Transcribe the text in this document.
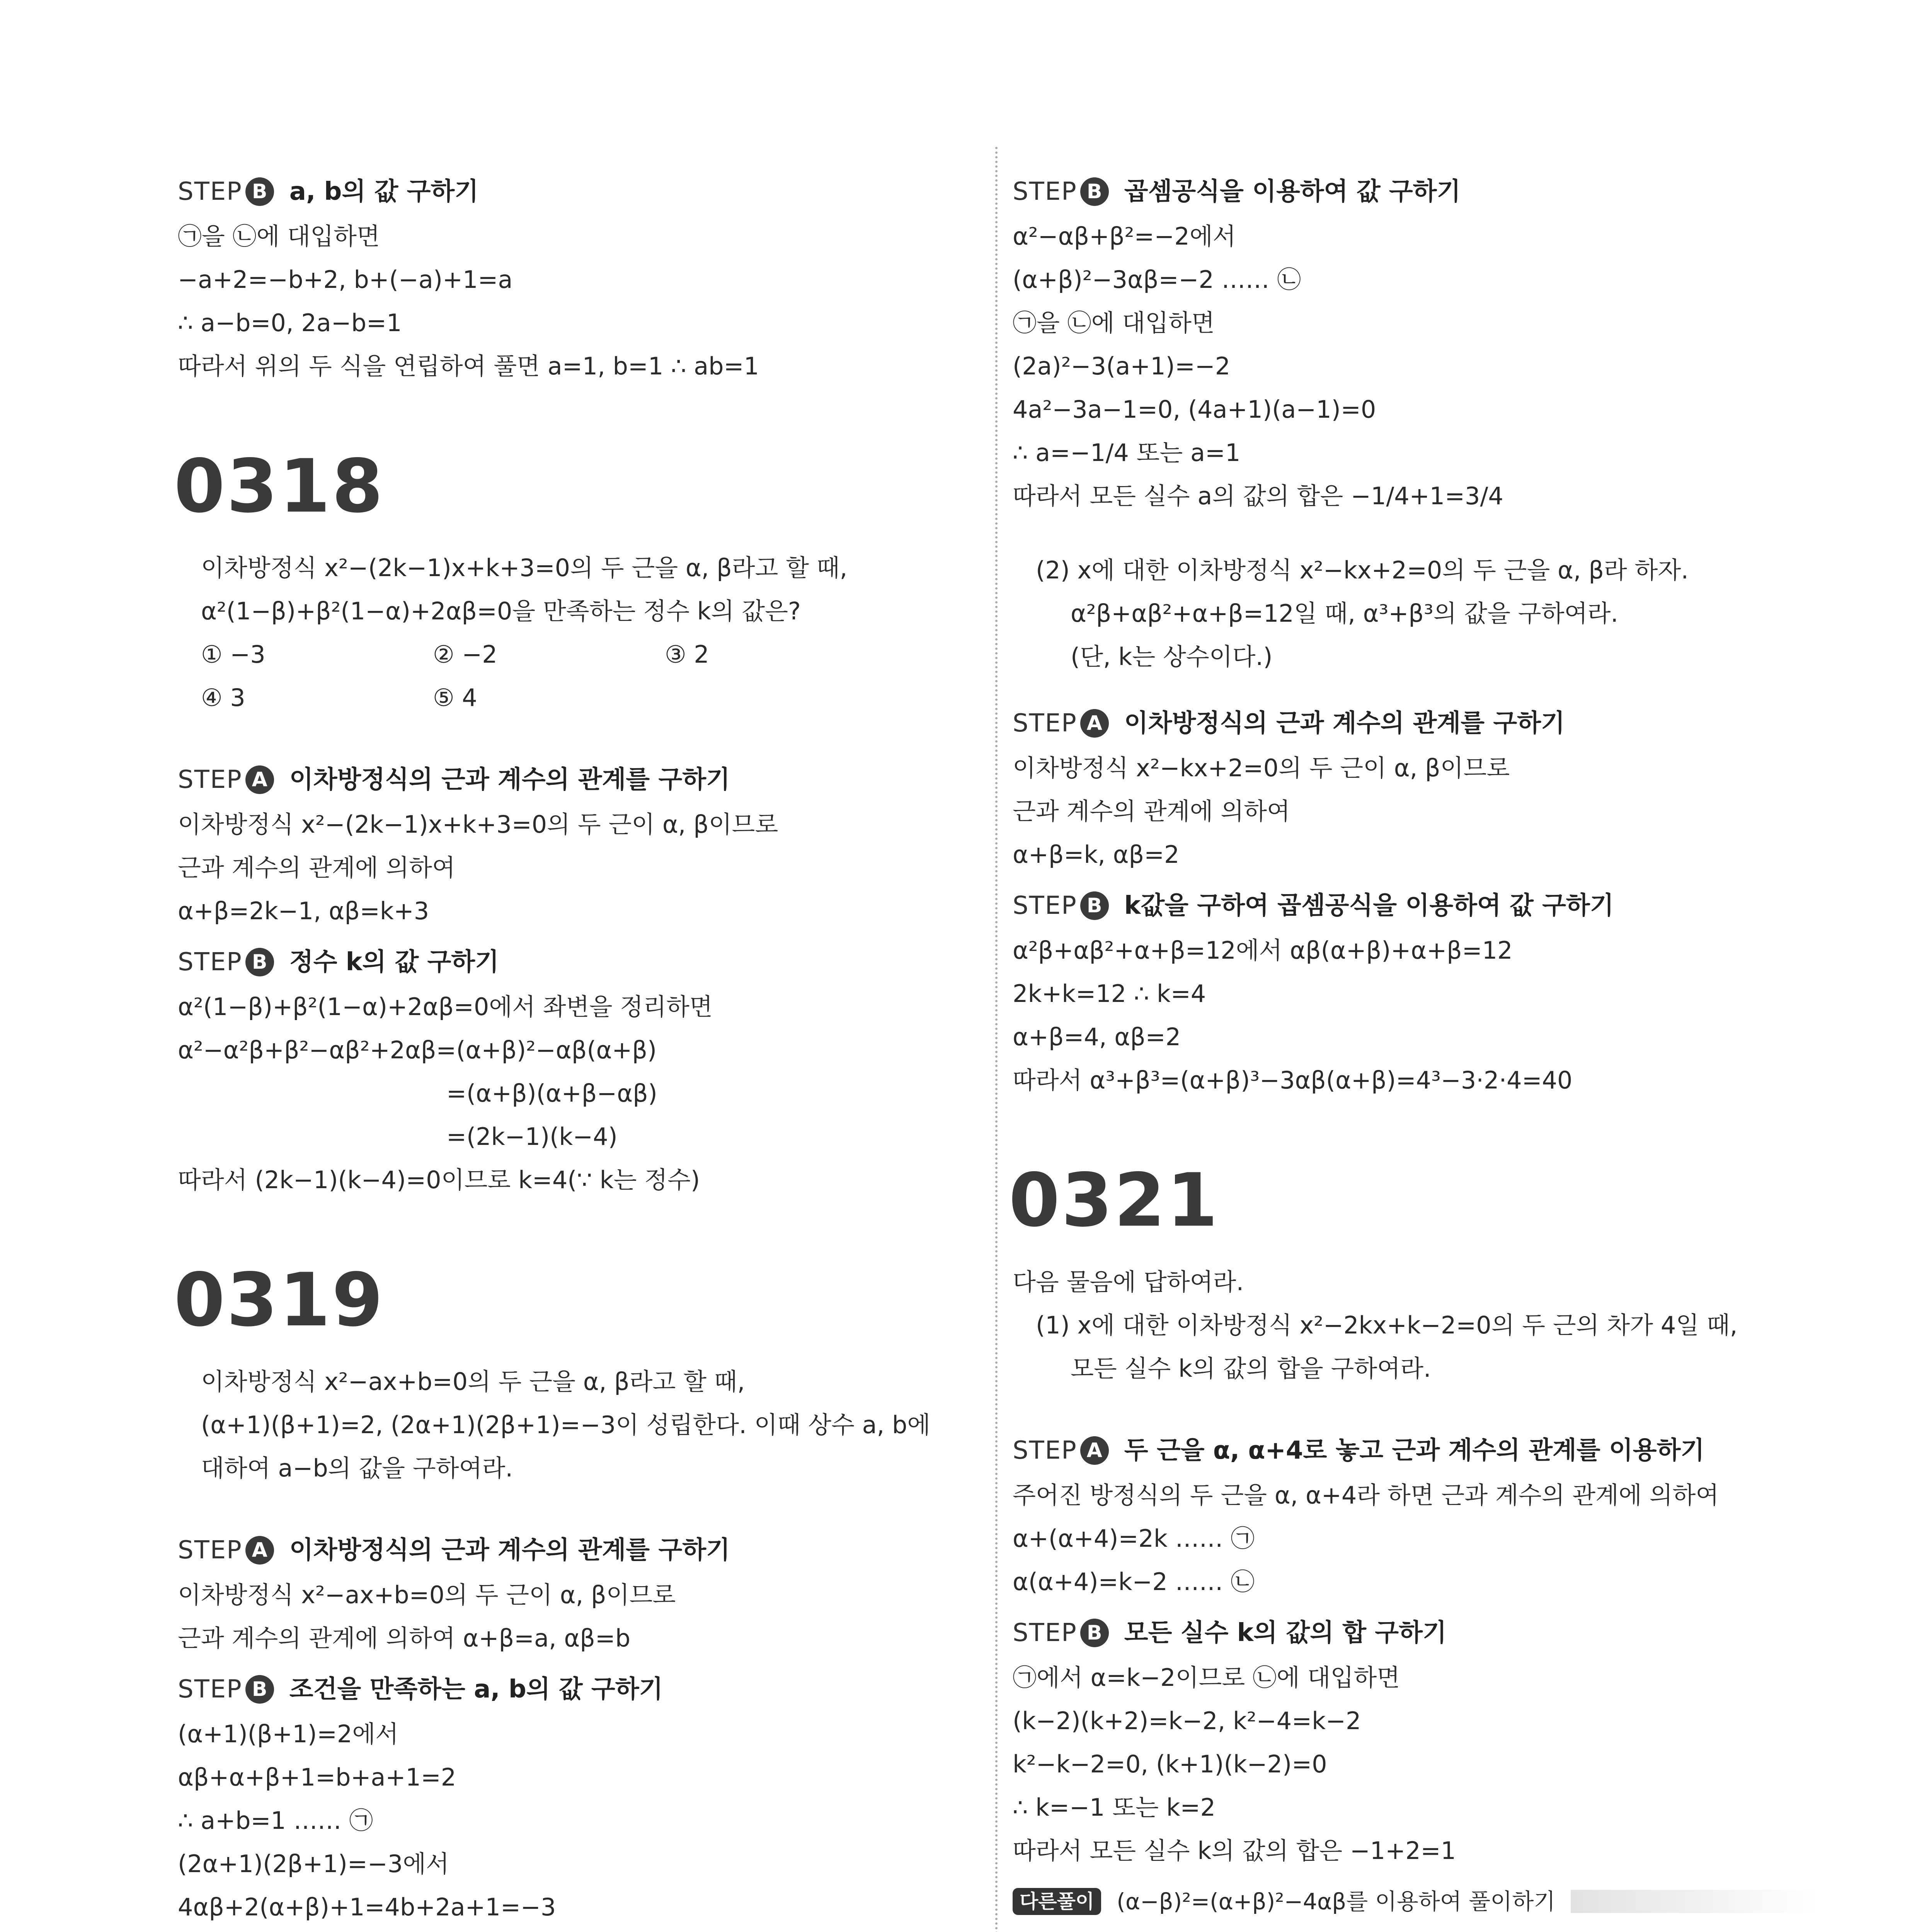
STEP B a, b의 값 구하기

㉠을 ㉡에 대입하면

−a+2=−b+2, b+(−a)+1=a

∴ a−b=0, 2a−b=1

따라서 위의 두 식을 연립하여 풀면 a=1, b=1 ∴ ab=1

0318

이차방정식 x²−(2k−1)x+k+3=0의 두 근을 α, β라고 할 때,

α²(1−β)+β²(1−α)+2αβ=0을 만족하는 정수 k의 값은?

① −3	② −2	③ 2
④ 3	⑤ 4
STEP A 이차방정식의 근과 계수의 관계를 구하기

이차방정식 x²−(2k−1)x+k+3=0의 두 근이 α, β이므로

근과 계수의 관계에 의하여

α+β=2k−1, αβ=k+3

STEP B 정수 k의 값 구하기

α²(1−β)+β²(1−α)+2αβ=0에서 좌변을 정리하면

α²−α²β+β²−αβ²+2αβ=(α+β)²−αβ(α+β)

=(α+β)(α+β−αβ)

=(2k−1)(k−4)

따라서 (2k−1)(k−4)=0이므로 k=4(∵ k는 정수)

0319

이차방정식 x²−ax+b=0의 두 근을 α, β라고 할 때,

(α+1)(β+1)=2, (2α+1)(2β+1)=−3이 성립한다. 이때 상수 a, b에

대하여 a−b의 값을 구하여라.

STEP A 이차방정식의 근과 계수의 관계를 구하기

이차방정식 x²−ax+b=0의 두 근이 α, β이므로

근과 계수의 관계에 의하여 α+β=a, αβ=b

STEP B 조건을 만족하는 a, b의 값 구하기

(α+1)(β+1)=2에서

αβ+α+β+1=b+a+1=2

∴ a+b=1 …… ㉠

(2α+1)(2β+1)=−3에서

4αβ+2(α+β)+1=4b+2a+1=−3

STEP B 곱셈공식을 이용하여 값 구하기

α²−αβ+β²=−2에서

(α+β)²−3αβ=−2 …… ㉡

㉠을 ㉡에 대입하면

(2a)²−3(a+1)=−2

4a²−3a−1=0, (4a+1)(a−1)=0

∴ a=−1/4 또는 a=1

따라서 모든 실수 a의 값의 합은 −1/4+1=3/4

(2) x에 대한 이차방정식 x²−kx+2=0의 두 근을 α, β라 하자.

α²β+αβ²+α+β=12일 때, α³+β³의 값을 구하여라.

(단, k는 상수이다.)

STEP A 이차방정식의 근과 계수의 관계를 구하기

이차방정식 x²−kx+2=0의 두 근이 α, β이므로

근과 계수의 관계에 의하여

α+β=k, αβ=2

STEP B k값을 구하여 곱셈공식을 이용하여 값 구하기

α²β+αβ²+α+β=12에서 αβ(α+β)+α+β=12

2k+k=12 ∴ k=4

α+β=4, αβ=2

따라서 α³+β³=(α+β)³−3αβ(α+β)=4³−3·2·4=40

0321

다음 물음에 답하여라.

(1) x에 대한 이차방정식 x²−2kx+k−2=0의 두 근의 차가 4일 때,

모든 실수 k의 값의 합을 구하여라.

STEP A 두 근을 α, α+4로 놓고 근과 계수의 관계를 이용하기

주어진 방정식의 두 근을 α, α+4라 하면 근과 계수의 관계에 의하여

α+(α+4)=2k …… ㉠

α(α+4)=k−2 …… ㉡

STEP B 모든 실수 k의 값의 합 구하기

㉠에서 α=k−2이므로 ㉡에 대입하면

(k−2)(k+2)=k−2, k²−4=k−2

k²−k−2=0, (k+1)(k−2)=0

∴ k=−1 또는 k=2

따라서 모든 실수 k의 값의 합은 −1+2=1

다른풀이	(α−β)²=(α+β)²−4αβ를 이용하여 풀이하기
